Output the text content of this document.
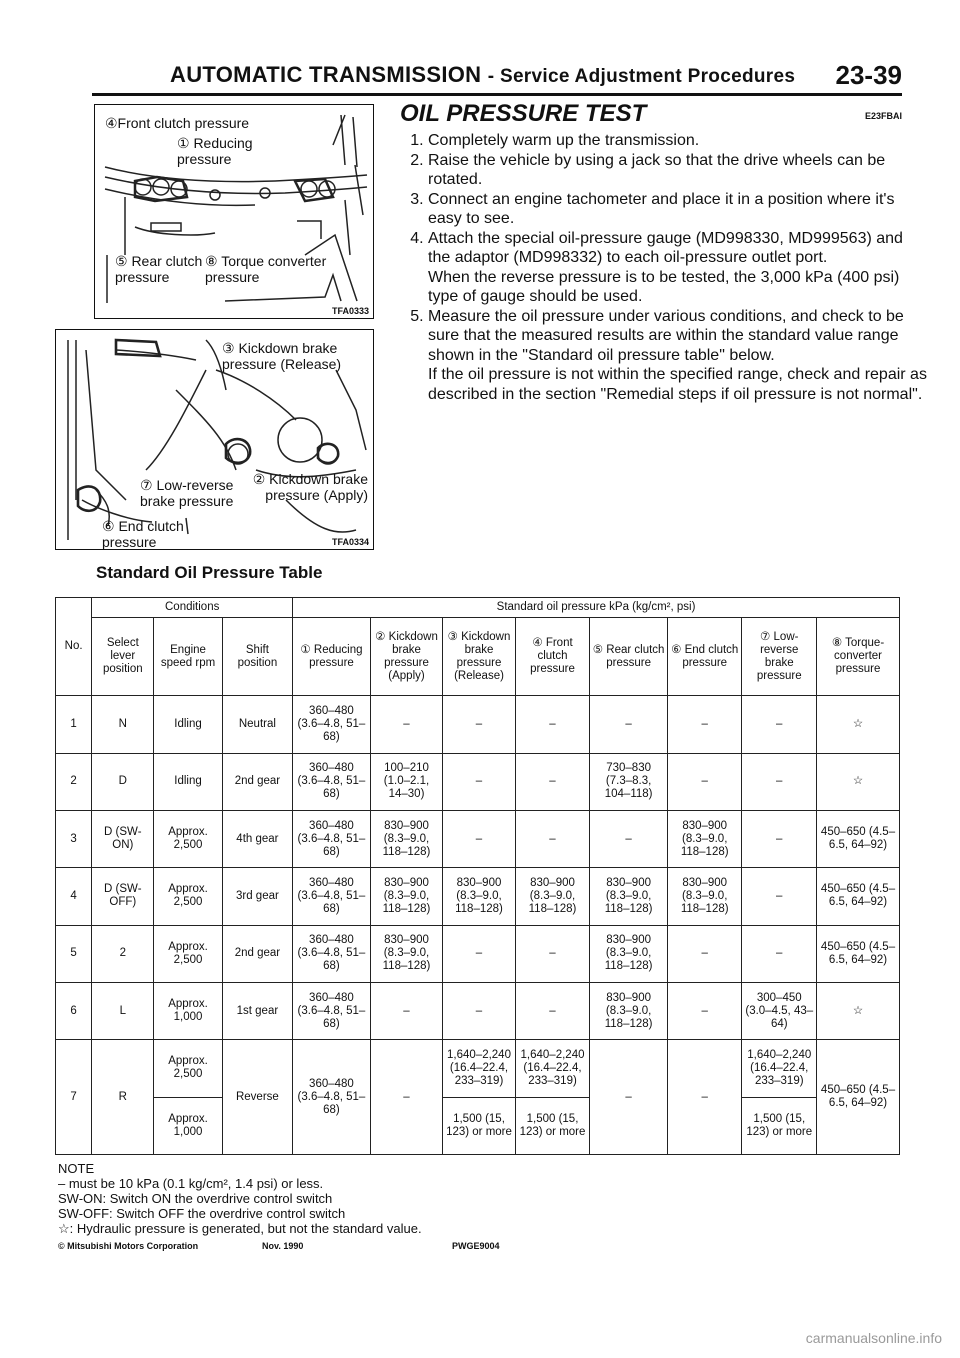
AUTOMATIC TRANSMISSION - Service Adjustment Procedures 23-39
④Front clutch pressure
① Reducing pressure
⑤ Rear clutch pressure
⑧ Torque converter pressure
TFA0333
③ Kickdown brake pressure (Release)
⑦ Low-reverse brake pressure
② Kickdown brake pressure (Apply)
⑥ End clutch pressure	TFA0334
OIL PRESSURE TEST	E23FBAI
1. Completely warm up the transmission.
2. Raise the vehicle by using a jack so that the drive wheels can be rotated.
3. Connect an engine tachometer and place it in a position where it's easy to see.
4. Attach the special oil-pressure gauge (MD998330, MD999563) and the adaptor (MD998332) to each oil-pressure outlet port.
When the reverse pressure is to be tested, the 3,000 kPa (400 psi) type of gauge should be used.
5. Measure the oil pressure under various conditions, and check to be sure that the measured results are within the standard value range shown in the "Standard oil pressure table" below.
If the oil pressure is not within the specified range, check and repair as described in the section "Remedial steps if oil pressure is not normal".
Standard Oil Pressure Table
No.	Conditions			Standard oil pressure kPa (kg/cm², psi)							
	Select lever position	Engine speed rpm	Shift position	① Reducing pressure	② Kickdown brake pressure (Apply)	③ Kickdown brake pressure (Release)	④ Front clutch pressure	⑤ Rear clutch pressure	⑥ End clutch pressure	⑦ Low-reverse brake pressure	⑧ Torque-converter pressure
1	N	Idling	Neutral	360–480 (3.6–4.8, 51–68)	–	–	–	–	–	–	☆
2	D	Idling	2nd gear	360–480 (3.6–4.8, 51–68)	100–210 (1.0–2.1, 14–30)	–	–	730–830 (7.3–8.3, 104–118)	–	–	☆
3	D (SW-ON)	Approx. 2,500	4th gear	360–480 (3.6–4.8, 51–68)	830–900 (8.3–9.0, 118–128)	–	–	–	830–900 (8.3–9.0, 118–128)	–	450–650 (4.5–6.5, 64–92)
4	D (SW-OFF)	Approx. 2,500	3rd gear	360–480 (3.6–4.8, 51–68)	830–900 (8.3–9.0, 118–128)	830–900 (8.3–9.0, 118–128)	830–900 (8.3–9.0, 118–128)	830–900 (8.3–9.0, 118–128)	830–900 (8.3–9.0, 118–128)	–	450–650 (4.5–6.5, 64–92)
5	2	Approx. 2,500	2nd gear	360–480 (3.6–4.8, 51–68)	830–900 (8.3–9.0, 118–128)	–	–	830–900 (8.3–9.0, 118–128)	–	–	450–650 (4.5–6.5, 64–92)
6	L	Approx. 1,000	1st gear	360–480 (3.6–4.8, 51–68)	–	–	–	830–900 (8.3–9.0, 118–128)	–	300–450 (3.0–4.5, 43–64)	☆
7	R	Approx. 2,500	Reverse	360–480 (3.6–4.8, 51–68)	–	1,640–2,240 (16.4–22.4, 233–319)	1,640–2,240 (16.4–22.4, 233–319)	–	–	1,640–2,240 (16.4–22.4, 233–319)	450–650 (4.5–6.5, 64–92)
		Approx. 1,000				1,500 (15, 123) or more	1,500 (15, 123) or more			1,500 (15, 123) or more	
NOTE
– must be 10 kPa (0.1 kg/cm², 1.4 psi) or less.
SW-ON: Switch ON the overdrive control switch
SW-OFF: Switch OFF the overdrive control switch
☆: Hydraulic pressure is generated, but not the standard value.
© Mitsubishi Motors Corporation	Nov. 1990	PWGE9004
carmanualsonline.info
